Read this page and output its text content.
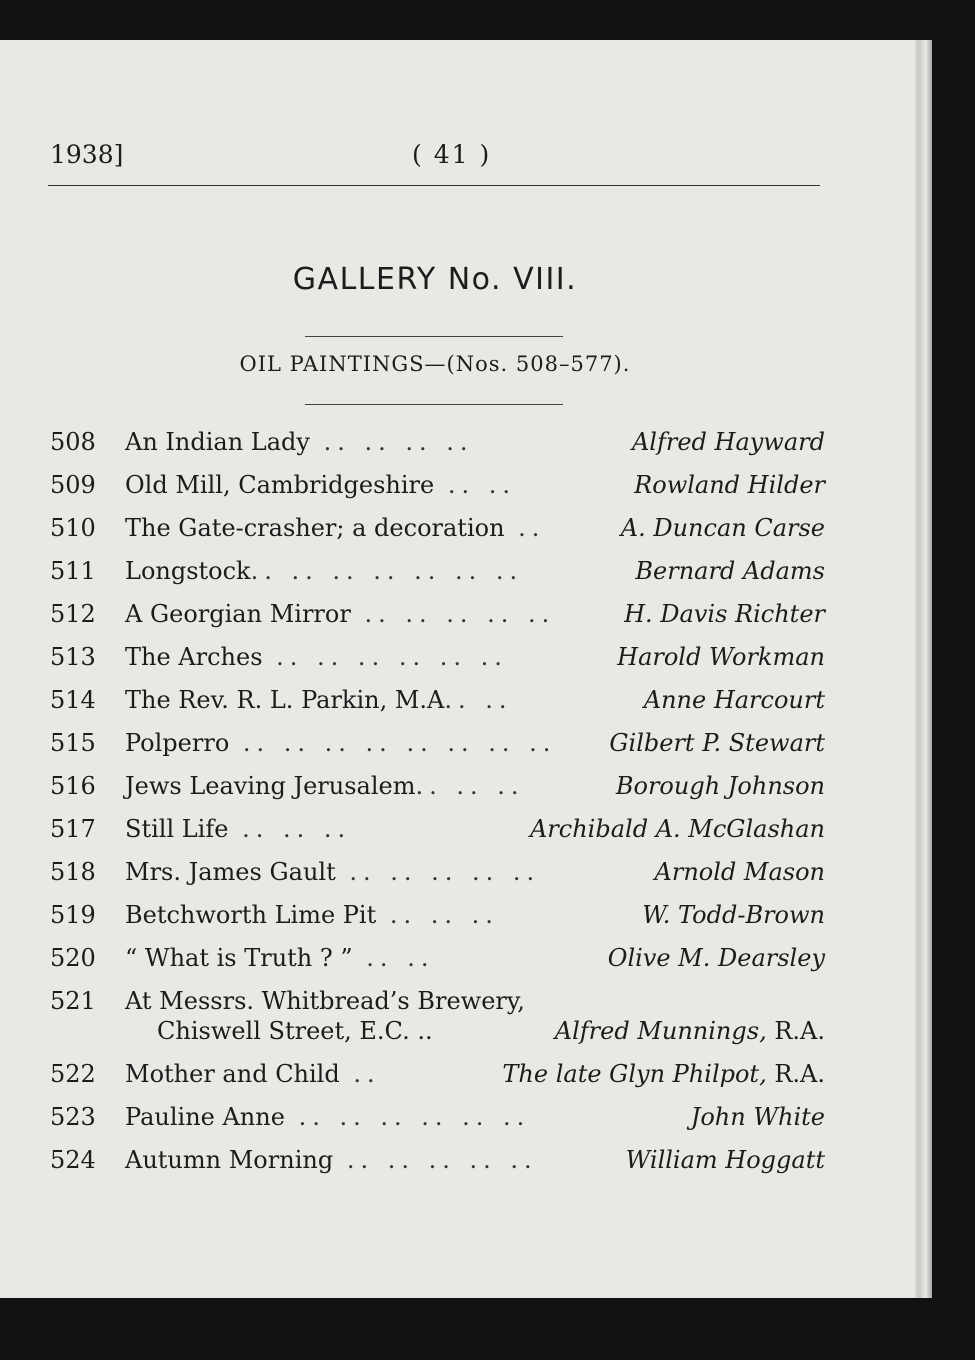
1938]	( 41 )
GALLERY No. VIII.
OIL PAINTINGS—(Nos. 508–577).
508	An Indian Lady .. .. .. ..	Alfred Hayward
509	Old Mill, Cambridgeshire .. ..	Rowland Hilder
510	The Gate-crasher; a decoration ..	A. Duncan Carse
511	Longstock.. .. .. .. .. .. ..	Bernard Adams
512	A Georgian Mirror .. .. .. .. ..	H. Davis Richter
513	The Arches .. .. .. .. .. ..	Harold Workman
514	The Rev. R. L. Parkin, M.A.. ..	Anne Harcourt
515	Polperro .. .. .. .. .. .. .. .. Gilbert P. Stewart
516	Jews Leaving Jerusalem.. .. ..	Borough Johnson
517	Still Life .. .. ..	Archibald A. McGlashan
518	Mrs. James Gault .. .. .. .. ..	Arnold Mason
519	Betchworth Lime Pit .. .. ..	W. Todd-Brown
520	“ What is Truth ? ” .. ..	Olive M. Dearsley
521	At Messrs. Whitbread’s Brewery,
Chiswell Street, E.C. ..	Alfred Munnings, R.A.
522	Mother and Child ..	The late Glyn Philpot, R.A.
523	Pauline Anne .. .. .. .. .. ..	John White
524	Autumn Morning .. .. .. .. ..	William Hoggatt
